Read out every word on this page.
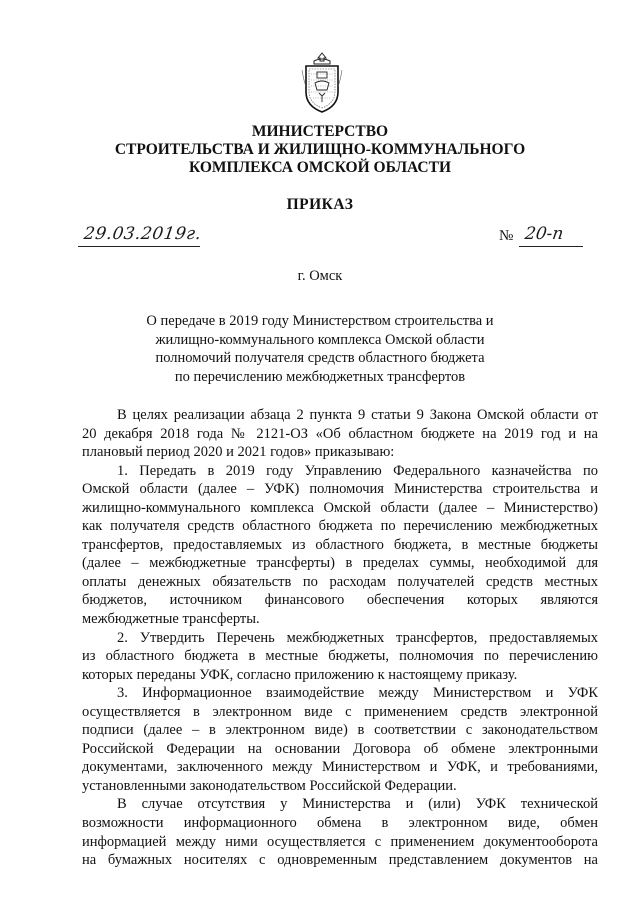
МИНИСТЕРСТВО
СТРОИТЕЛЬСТВА И ЖИЛИЩНО-КОММУНАЛЬНОГО
КОМПЛЕКСА ОМСКОЙ ОБЛАСТИ
ПРИКАЗ
29.03.2019г.	№ 20-п
г. Омск
О передаче в 2019 году Министерством строительства и
жилищно-коммунального комплекса Омской области
полномочий получателя средств областного бюджета
по перечислению межбюджетных трансфертов
В целях реализации абзаца 2 пункта 9 статьи 9 Закона Омской области от
20 декабря 2018 года № 2121-ОЗ «Об областном бюджете на 2019 год и на
плановый период 2020 и 2021 годов» приказываю:
1. Передать в 2019 году Управлению Федерального казначейства по
Омской области (далее – УФК) полномочия Министерства строительства и
жилищно-коммунального комплекса Омской области (далее – Министерство)
как получателя средств областного бюджета по перечислению межбюджетных
трансфертов, предоставляемых из областного бюджета, в местные бюджеты
(далее – межбюджетные трансферты) в пределах суммы, необходимой для
оплаты денежных обязательств по расходам получателей средств местных
бюджетов, источником финансового обеспечения которых являются
межбюджетные трансферты.
2. Утвердить Перечень межбюджетных трансфертов, предоставляемых
из областного бюджета в местные бюджеты, полномочия по перечислению
которых переданы УФК, согласно приложению к настоящему приказу.
3. Информационное взаимодействие между Министерством и УФК
осуществляется в электронном виде с применением средств электронной
подписи (далее – в электронном виде) в соответствии с законодательством
Российской Федерации на основании Договора об обмене электронными
документами, заключенного между Министерством и УФК, и требованиями,
установленными законодательством Российской Федерации.
В случае отсутствия у Министерства и (или) УФК технической
возможности информационного обмена в электронном виде, обмен
информацией между ними осуществляется с применением документооборота
на бумажных носителях с одновременным представлением документов на
